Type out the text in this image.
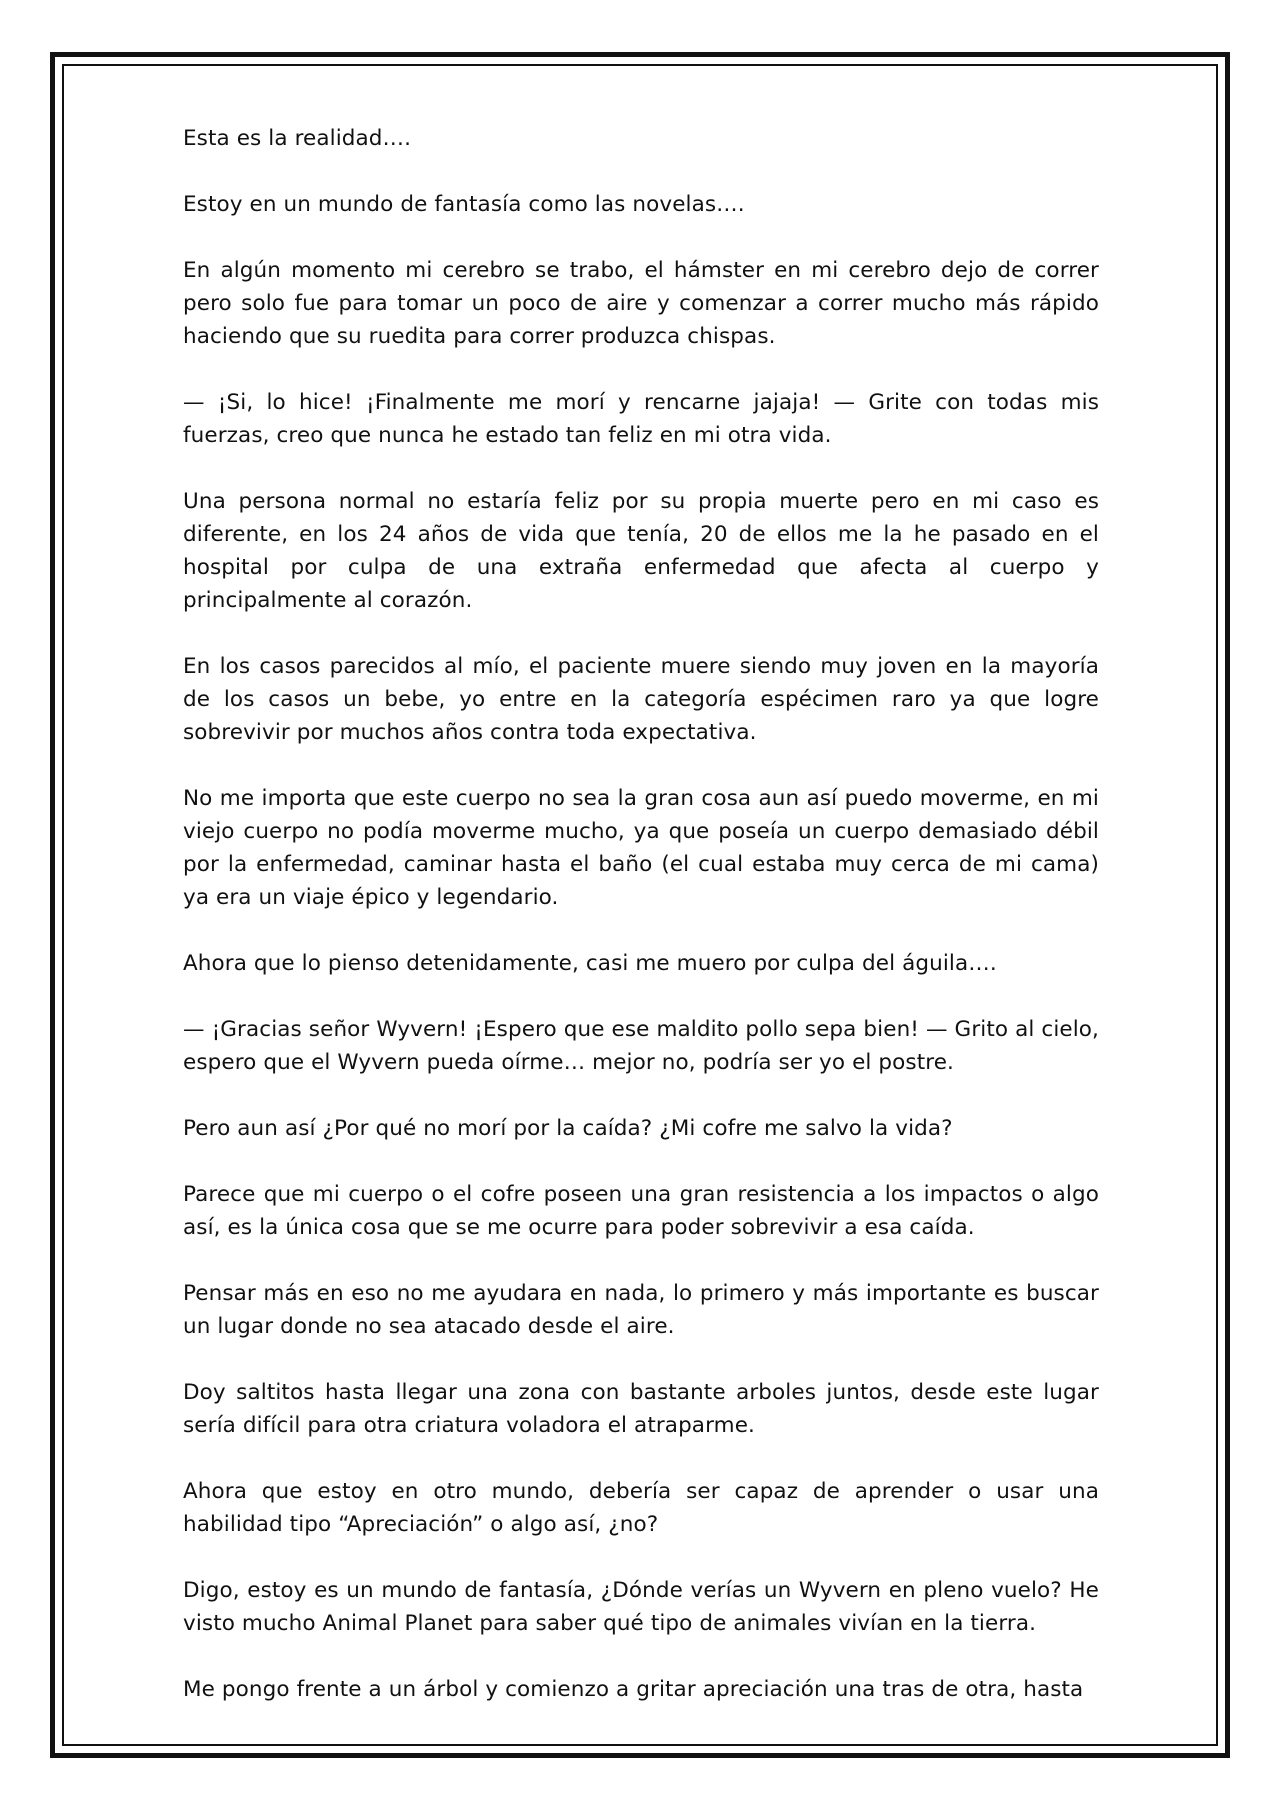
Esta es la realidad….

Estoy en un mundo de fantasía como las novelas….

En algún momento mi cerebro se trabo, el hámster en mi cerebro dejo de correr pero solo fue para tomar un poco de aire y comenzar a correr mucho más rápido haciendo que su ruedita para correr produzca chispas.

— ¡Si, lo hice! ¡Finalmente me morí y rencarne jajaja! — Grite con todas mis fuerzas, creo que nunca he estado tan feliz en mi otra vida.

Una persona normal no estaría feliz por su propia muerte pero en mi caso es diferente, en los 24 años de vida que tenía, 20 de ellos me la he pasado en el hospital por culpa de una extraña enfermedad que afecta al cuerpo y principalmente al corazón.

En los casos parecidos al mío, el paciente muere siendo muy joven en la mayoría de los casos un bebe, yo entre en la categoría espécimen raro ya que logre sobrevivir por muchos años contra toda expectativa.

No me importa que este cuerpo no sea la gran cosa aun así puedo moverme, en mi viejo cuerpo no podía moverme mucho, ya que poseía un cuerpo demasiado débil por la enfermedad, caminar hasta el baño (el cual estaba muy cerca de mi cama) ya era un viaje épico y legendario.

Ahora que lo pienso detenidamente, casi me muero por culpa del águila….

— ¡Gracias señor Wyvern! ¡Espero que ese maldito pollo sepa bien! — Grito al cielo, espero que el Wyvern pueda oírme… mejor no, podría ser yo el postre.

Pero aun así ¿Por qué no morí por la caída? ¿Mi cofre me salvo la vida?

Parece que mi cuerpo o el cofre poseen una gran resistencia a los impactos o algo así, es la única cosa que se me ocurre para poder sobrevivir a esa caída.

Pensar más en eso no me ayudara en nada, lo primero y más importante es buscar un lugar donde no sea atacado desde el aire.

Doy saltitos hasta llegar una zona con bastante arboles juntos, desde este lugar sería difícil para otra criatura voladora el atraparme.

Ahora que estoy en otro mundo, debería ser capaz de aprender o usar una habilidad tipo “Apreciación” o algo así, ¿no?

Digo, estoy es un mundo de fantasía, ¿Dónde verías un Wyvern en pleno vuelo? He visto mucho Animal Planet para saber qué tipo de animales vivían en la tierra.

Me pongo frente a un árbol y comienzo a gritar apreciación una tras de otra, hasta
